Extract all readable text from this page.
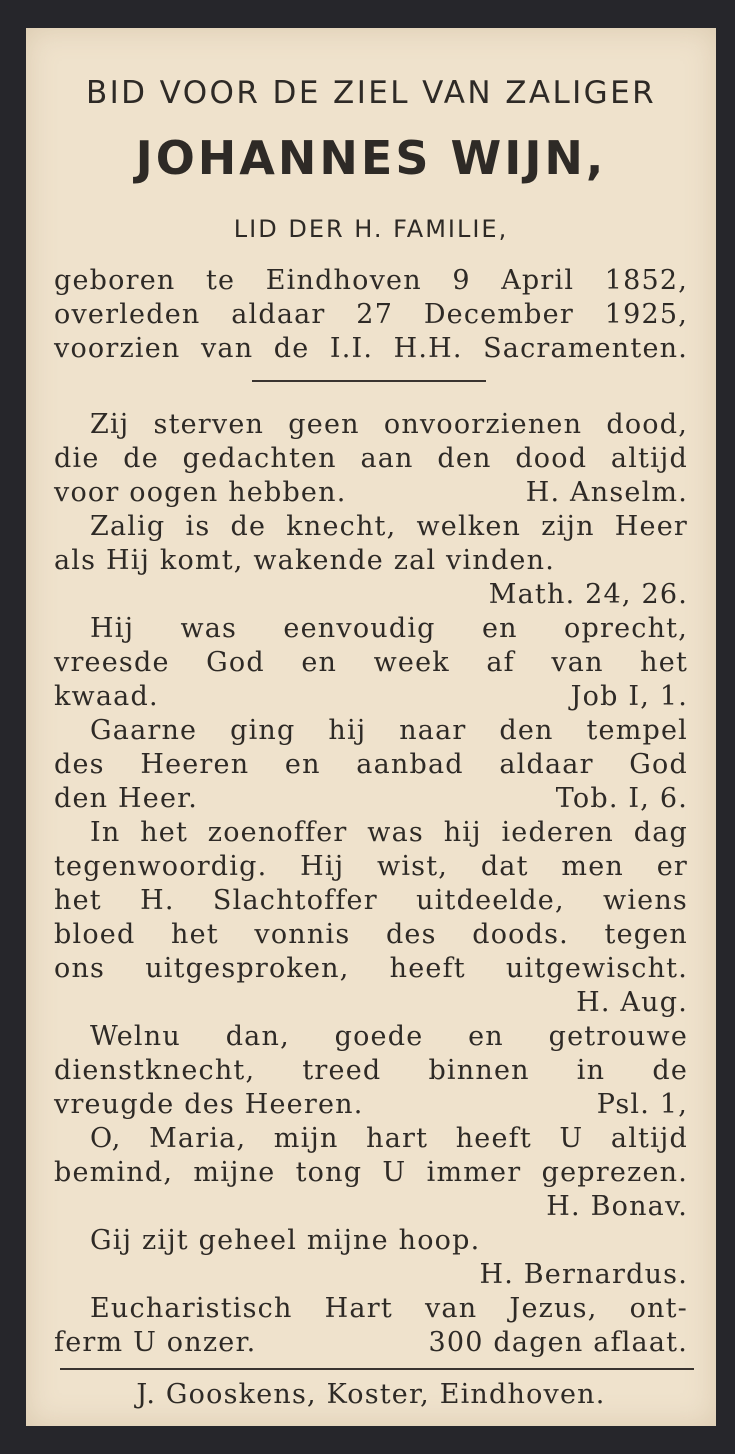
BID VOOR DE ZIEL VAN ZALIGER
JOHANNES WIJN,
LID DER H. FAMILIE,
geboren te Eindhoven 9 April 1852,
overleden aldaar 27 December 1925,
voorzien van de I.I. H.H. Sacramenten.
Zij sterven geen onvoorzienen dood,
die de gedachten aan den dood altijd
voor oogen hebben.	H. Anselm.
Zalig is de knecht, welken zijn Heer
als Hij komt, wakende zal vinden.
Math. 24, 26.
Hij was eenvoudig en oprecht,
vreesde God en week af van het
kwaad.	Job I, 1.
Gaarne ging hij naar den tempel
des Heeren en aanbad aldaar God
den Heer.	Tob. I, 6.
In het zoenoffer was hij iederen dag
tegenwoordig. Hij wist, dat men er
het H. Slachtoffer uitdeelde, wiens
bloed het vonnis des doods. tegen
ons uitgesproken, heeft uitgewischt.
H. Aug.
Welnu dan, goede en getrouwe
dienstknecht, treed binnen in de
vreugde des Heeren.	Psl. 1,
O, Maria, mijn hart heeft U altijd
bemind, mijne tong U immer geprezen.
H. Bonav.
Gij zijt geheel mijne hoop.
H. Bernardus.
Eucharistisch Hart van Jezus, ont-
ferm U onzer.	300 dagen aflaat.
J. Gooskens, Koster, Eindhoven.
